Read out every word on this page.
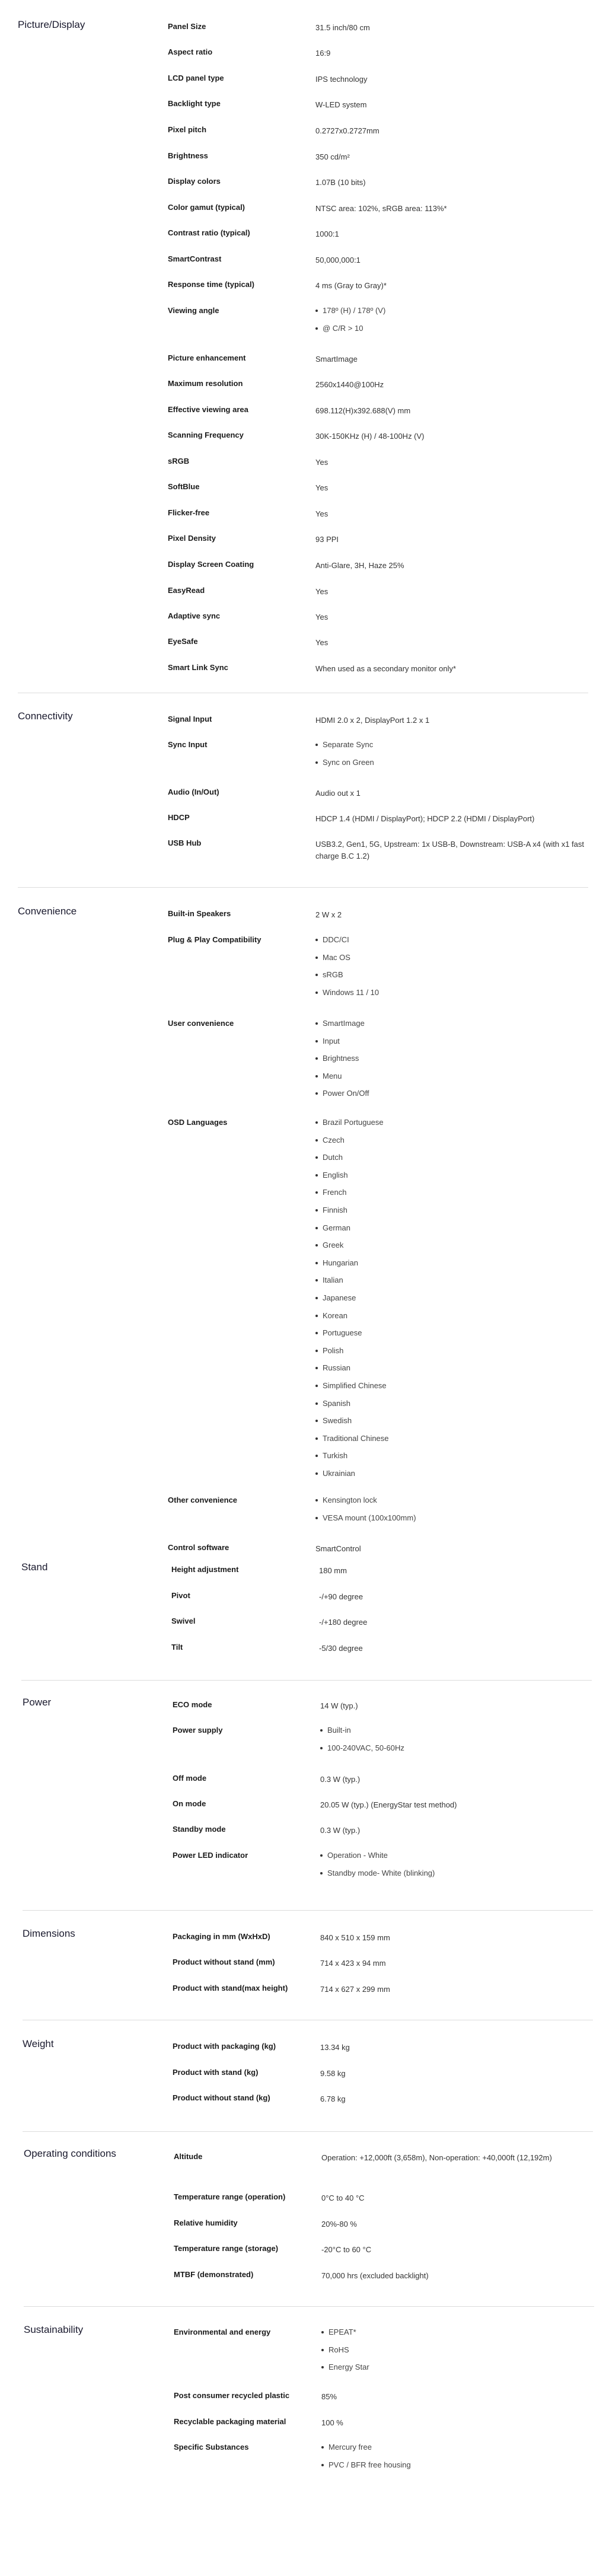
Picture/Display	Panel Size	31.5 inch/80 cm
Aspect ratio	16:9
LCD panel type	IPS technology
Backlight type	W-LED system
Pixel pitch	0.2727x0.2727mm
Brightness	350 cd/m²
Display colors	1.07B (10 bits)
Color gamut (typical)	NTSC area: 102%, sRGB area: 113%*
Contrast ratio (typical)	1000:1
SmartContrast	50,000,000:1
Response time (typical)	4 ms (Gray to Gray)*
Viewing angle	178º (H) / 178º (V)
@ C/R > 10
Picture enhancement	SmartImage
Maximum resolution	2560x1440@100Hz
Effective viewing area	698.112(H)x392.688(V) mm
Scanning Frequency	30K-150KHz (H) / 48-100Hz (V)
sRGB	Yes
SoftBlue	Yes
Flicker-free	Yes
Pixel Density	93 PPI
Display Screen Coating	Anti-Glare, 3H, Haze 25%
EasyRead	Yes
Adaptive sync	Yes
EyeSafe	Yes
Smart Link Sync	When used as a secondary monitor only*
Connectivity	Signal Input	HDMI 2.0 x 2, DisplayPort 1.2 x 1
Sync Input	Separate Sync
Sync on Green
Audio (In/Out)	Audio out x 1
HDCP	HDCP 1.4 (HDMI / DisplayPort); HDCP 2.2 (HDMI / DisplayPort)
USB Hub	USB3.2, Gen1, 5G, Upstream: 1x USB-B, Downstream: USB-A x4 (with x1 fast charge B.C 1.2)
Convenience	Built-in Speakers	2 W x 2
Plug & Play Compatibility	DDC/CI
Mac OS
sRGB
Windows 11 / 10
User convenience	SmartImage
Input
Brightness
Menu
Power On/Off
OSD Languages	Brazil Portuguese
Czech
Dutch
English
French
Finnish
German
Greek
Hungarian
Italian
Japanese
Korean
Portuguese
Polish
Russian
Simplified Chinese
Spanish
Swedish
Traditional Chinese
Turkish
Ukrainian
Other convenience	Kensington lock
VESA mount (100x100mm)
Control software	SmartControl
Stand	Height adjustment	180 mm
Pivot	-/+90 degree
Swivel	-/+180 degree
Tilt	-5/30 degree
Power	ECO mode	14 W (typ.)
Power supply	Built-in
100-240VAC, 50-60Hz
Off mode	0.3 W (typ.)
On mode	20.05 W (typ.) (EnergyStar test method)
Standby mode	0.3 W (typ.)
Power LED indicator	Operation - White
Standby mode- White (blinking)
Dimensions	Packaging in mm (WxHxD)	840 x 510 x 159 mm
Product without stand (mm)	714 x 423 x 94 mm
Product with stand(max height)	714 x 627 x 299 mm
Weight	Product with packaging (kg)	13.34 kg
Product with stand (kg)	9.58 kg
Product without stand (kg)	6.78 kg
Operating conditions	Altitude	Operation: +12,000ft (3,658m), Non-operation: +40,000ft (12,192m)
Temperature range (operation)	0°C to 40 °C
Relative humidity	20%-80 %
Temperature range (storage)	-20°C to 60 °C
MTBF (demonstrated)	70,000 hrs (excluded backlight)
Sustainability	Environmental and energy	EPEAT*
RoHS
Energy Star
Post consumer recycled plastic	85%
Recyclable packaging material	100 %
Specific Substances	Mercury free
PVC / BFR free housing
